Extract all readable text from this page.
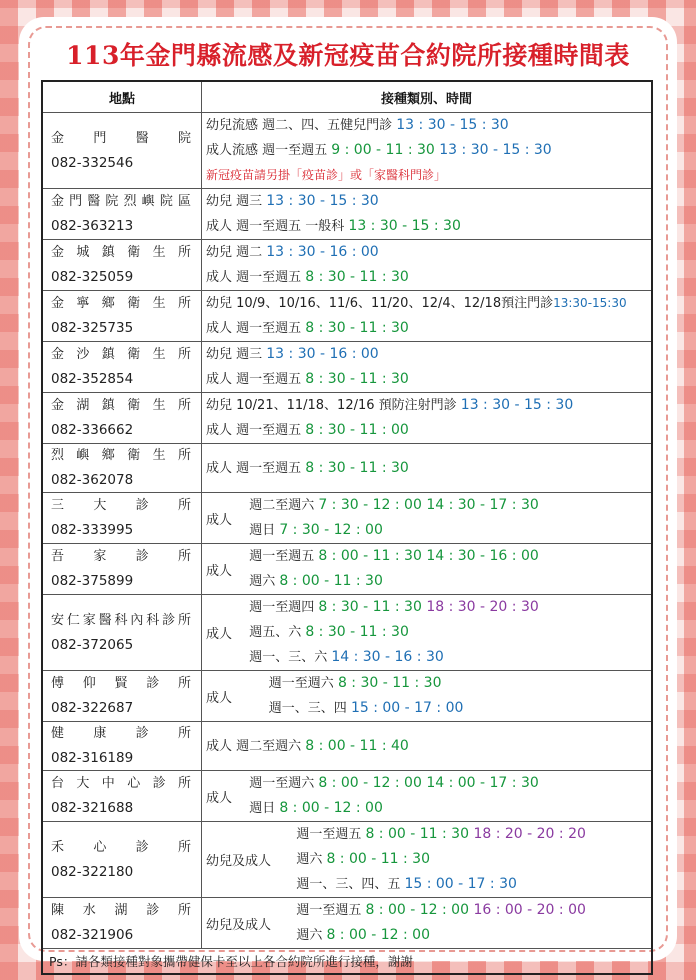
113年金門縣流感及新冠疫苗合約院所接種時間表
地點	接種類別、時間

金門醫院
082-332546	幼兒流感 週二、四、五健兒門診 13 : 30 - 15 : 30
成人流感 週一至週五 9 : 00 - 11 : 30 13 : 30 - 15 : 30
新冠疫苗請另掛「疫苗診」或「家醫科門診」

金門醫院烈嶼院區
082-363213	幼兒 週三 13 : 30 - 15 : 30
成人 週一至週五 一般科 13 : 30 - 15 : 30

金城鎮衛生所
082-325059	幼兒 週二 13 : 30 - 16 : 00
成人 週一至週五 8 : 30 - 11 : 30

金寧鄉衛生所
082-325735	幼兒 10/9、10/16、11/6、11/20、12/4、12/18預注門診13:30-15:30
成人 週一至週五 8 : 30 - 11 : 30

金沙鎮衛生所
082-352854	幼兒 週三 13 : 30 - 16 : 00
成人 週一至週五 8 : 30 - 11 : 30

金湖鎮衛生所
082-336662	幼兒 10/21、11/18、12/16 預防注射門診 13 : 30 - 15 : 30
成人 週一至週五 8 : 30 - 11 : 00

烈嶼鄉衛生所
082-362078	成人 週一至週五 8 : 30 - 11 : 30

三大診所
082-333995	成人	
週二至週六 7 : 30 - 12 : 00 14 : 30 - 17 : 30
週日 7 : 30 - 12 : 00

吾家診所
082-375899	成人	
週一至週五 8 : 00 - 11 : 30 14 : 30 - 16 : 00
週六 8 : 00 - 11 : 30

安仁家醫科內科診所
082-372065	成人	
週一至週四 8 : 30 - 11 : 30 18 : 30 - 20 : 30
週五、六 8 : 30 - 11 : 30
週一、三、六 14 : 30 - 16 : 30

傅仰賢診所
082-322687	成人	
週一至週六 8 : 30 - 11 : 30
週一、三、四 15 : 00 - 17 : 00

健康診所
082-316189	成人 週二至週六 8 : 00 - 11 : 40

台大中心診所
082-321688	成人	
週一至週六 8 : 00 - 12 : 00 14 : 00 - 17 : 30
週日 8 : 00 - 12 : 00

禾心診所
082-322180	幼兒及成人	
週一至週五 8 : 00 - 11 : 30 18 : 20 - 20 : 20
週六 8 : 00 - 11 : 30
週一、三、四、五 15 : 00 - 17 : 30

陳水湖診所
082-321906	幼兒及成人	
週一至週五 8 : 00 - 12 : 00 16 : 00 - 20 : 00
週六 8 : 00 - 12 : 00

Ps：請各類接種對象攜帶健保卡至以上各合約院所進行接種，謝謝	
